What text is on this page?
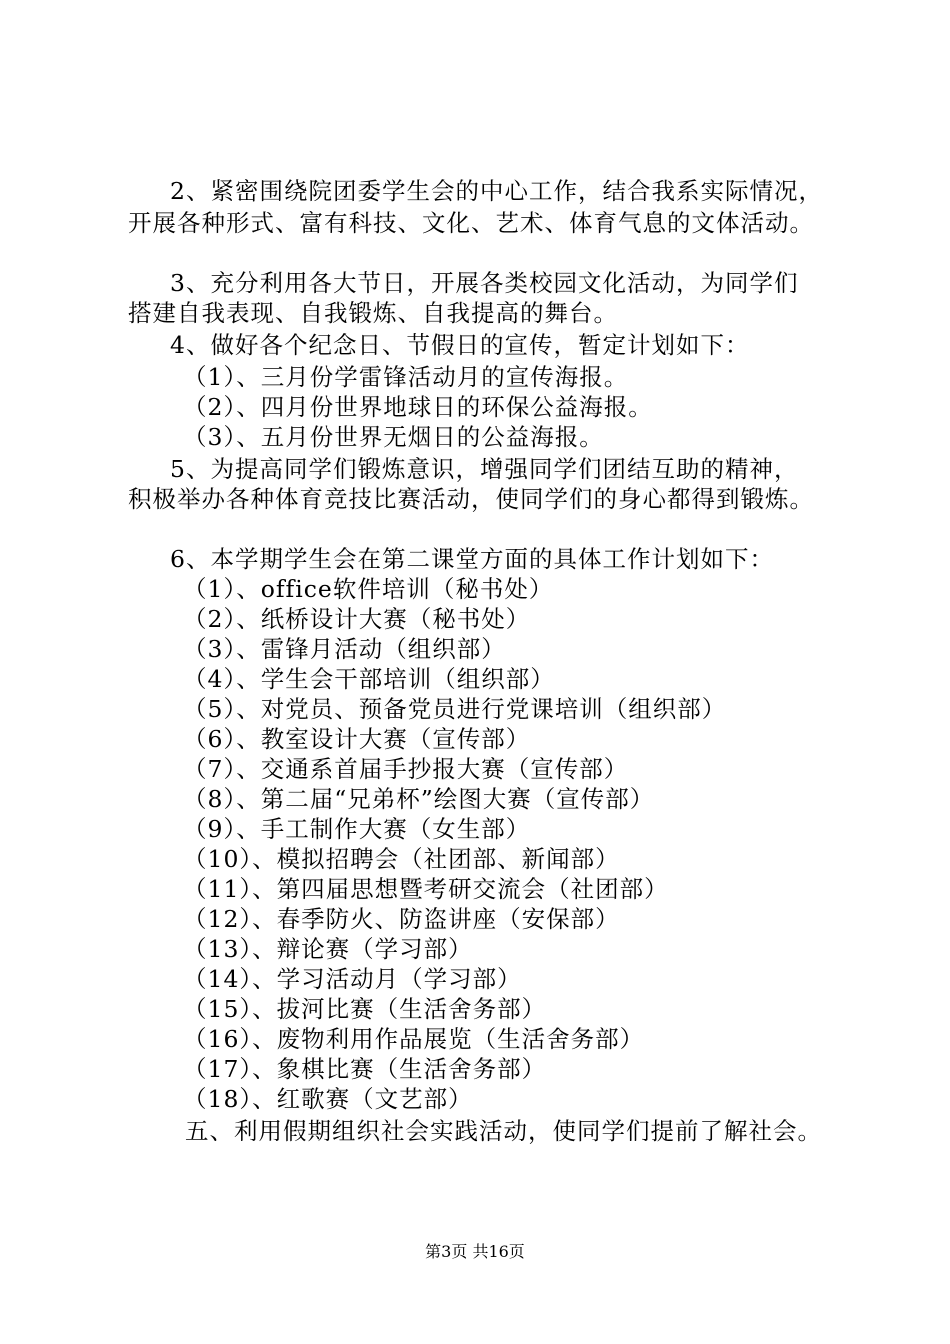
2、紧密围绕院团委学生会的中心工作，结合我系实际情况，
开展各种形式、富有科技、文化、艺术、体育气息的文体活动。
3、充分利用各大节日，开展各类校园文化活动，为同学们
搭建自我表现、自我锻炼、自我提高的舞台。
4、做好各个纪念日、节假日的宣传，暂定计划如下：
（1）、三月份学雷锋活动月的宣传海报。
（2）、四月份世界地球日的环保公益海报。
（3）、五月份世界无烟日的公益海报。
5、为提高同学们锻炼意识，增强同学们团结互助的精神，
积极举办各种体育竞技比赛活动，使同学们的身心都得到锻炼。
6、本学期学生会在第二课堂方面的具体工作计划如下：
（1）、office软件培训（秘书处）
（2）、纸桥设计大赛（秘书处）
（3）、雷锋月活动（组织部）
（4）、学生会干部培训（组织部）
（5）、对党员、预备党员进行党课培训（组织部）
（6）、教室设计大赛（宣传部）
（7）、交通系首届手抄报大赛（宣传部）
（8）、第二届“兄弟杯”绘图大赛（宣传部）
（9）、手工制作大赛（女生部）
（10）、模拟招聘会（社团部、新闻部）
（11）、第四届思想暨考研交流会（社团部）
（12）、春季防火、防盗讲座（安保部）
（13）、辩论赛（学习部）
（14）、学习活动月（学习部）
（15）、拔河比赛（生活舍务部）
（16）、废物利用作品展览（生活舍务部）
（17）、象棋比赛（生活舍务部）
（18）、红歌赛（文艺部）
五、利用假期组织社会实践活动，使同学们提前了解社会。
第3页 共16页
